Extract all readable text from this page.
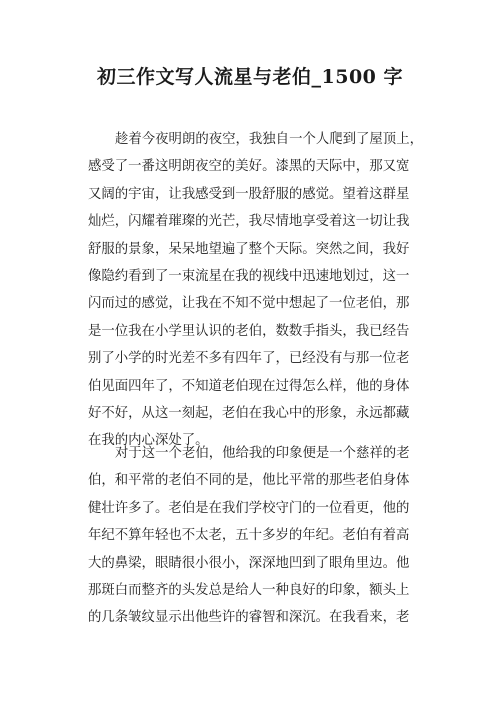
初三作文写人流星与老伯_1500 字
趁着今夜明朗的夜空，我独自一个人爬到了屋顶上，
感受了一番这明朗夜空的美好。漆黑的天际中，那又宽
又阔的宇宙，让我感受到一股舒服的感觉。望着这群星
灿烂，闪耀着璀璨的光芒，我尽情地享受着这一切让我
舒服的景象，呆呆地望遍了整个天际。突然之间，我好
像隐约看到了一束流星在我的视线中迅速地划过，这一
闪而过的感觉，让我在不知不觉中想起了一位老伯，那
是一位我在小学里认识的老伯，数数手指头，我已经告
别了小学的时光差不多有四年了，已经没有与那一位老
伯见面四年了，不知道老伯现在过得怎么样，他的身体
好不好，从这一刻起，老伯在我心中的形象，永远都藏
在我的内心深处了。
对于这一个老伯，他给我的印象便是一个慈祥的老
伯，和平常的老伯不同的是，他比平常的那些老伯身体
健壮许多了。老伯是在我们学校守门的一位看更，他的
年纪不算年轻也不太老，五十多岁的年纪。老伯有着高
大的鼻梁，眼睛很小很小，深深地凹到了眼角里边。他
那斑白而整齐的头发总是给人一种良好的印象，额头上
的几条皱纹显示出他些许的睿智和深沉。在我看来，老
